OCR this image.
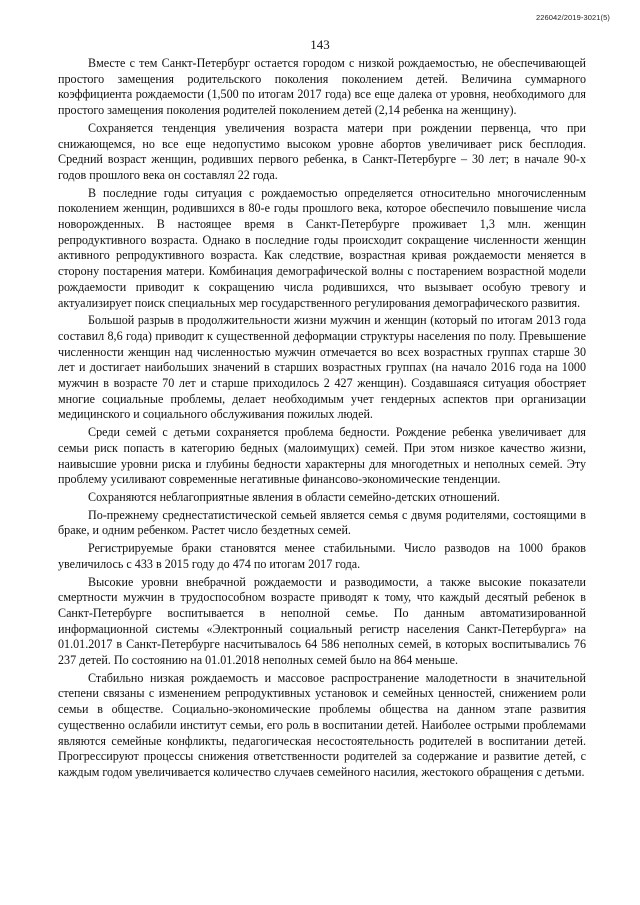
226042/2019-3021(5)
143

Вместе с тем Санкт-Петербург остается городом с низкой рождаемостью, не обеспечивающей простого замещения родительского поколения поколением детей. Величина суммарного коэффициента рождаемости (1,500 по итогам 2017 года) все еще далека от уровня, необходимого для простого замещения поколения родителей поколением детей (2,14 ребенка на женщину).

Сохраняется тенденция увеличения возраста матери при рождении первенца, что при снижающемся, но все еще недопустимо высоком уровне абортов увеличивает риск бесплодия. Средний возраст женщин, родивших первого ребенка, в Санкт-Петербурге – 30 лет; в начале 90-х годов прошлого века он составлял 22 года.

В последние годы ситуация с рождаемостью определяется относительно многочисленным поколением женщин, родившихся в 80-е годы прошлого века, которое обеспечило повышение числа новорожденных. В настоящее время в Санкт-Петербурге проживает 1,3 млн. женщин репродуктивного возраста. Однако в последние годы происходит сокращение численности женщин активного репродуктивного возраста. Как следствие, возрастная кривая рождаемости меняется в сторону постарения матери. Комбинация демографической волны с постарением возрастной модели рождаемости приводит к сокращению числа родившихся, что вызывает особую тревогу и актуализирует поиск специальных мер государственного регулирования демографического развития.

Большой разрыв в продолжительности жизни мужчин и женщин (который по итогам 2013 года составил 8,6 года) приводит к существенной деформации структуры населения по полу. Превышение численности женщин над численностью мужчин отмечается во всех возрастных группах старше 30 лет и достигает наибольших значений в старших возрастных группах (на начало 2016 года на 1000 мужчин в возрасте 70 лет и старше приходилось 2 427 женщин). Создавшаяся ситуация обостряет многие социальные проблемы, делает необходимым учет гендерных аспектов при организации медицинского и социального обслуживания пожилых людей.

Среди семей с детьми сохраняется проблема бедности. Рождение ребенка увеличивает для семьи риск попасть в категорию бедных (малоимущих) семей. При этом низкое качество жизни, наивысшие уровни риска и глубины бедности характерны для многодетных и неполных семей. Эту проблему усиливают современные негативные финансово-экономические тенденции.

Сохраняются неблагоприятные явления в области семейно-детских отношений.

По-прежнему среднестатистической семьей является семья с двумя родителями, состоящими в браке, и одним ребенком. Растет число бездетных семей.

Регистрируемые браки становятся менее стабильными. Число разводов на 1000 браков увеличилось с 433 в 2015 году до 474 по итогам 2017 года.

Высокие уровни внебрачной рождаемости и разводимости, а также высокие показатели смертности мужчин в трудоспособном возрасте приводят к тому, что каждый десятый ребенок в Санкт-Петербурге воспитывается в неполной семье. По данным автоматизированной информационной системы «Электронный социальный регистр населения Санкт-Петербурга» на 01.01.2017 в Санкт-Петербурге насчитывалось 64 586 неполных семей, в которых воспитывались 76 237 детей. По состоянию на 01.01.2018 неполных семей было на 864 меньше.

Стабильно низкая рождаемость и массовое распространение малодетности в значительной степени связаны с изменением репродуктивных установок и семейных ценностей, снижением роли семьи в обществе. Социально-экономические проблемы общества на данном этапе развития существенно ослабили институт семьи, его роль в воспитании детей. Наиболее острыми проблемами являются семейные конфликты, педагогическая несостоятельность родителей в воспитании детей. Прогрессируют процессы снижения ответственности родителей за содержание и развитие детей, с каждым годом увеличивается количество случаев семейного насилия, жестокого обращения с детьми.
